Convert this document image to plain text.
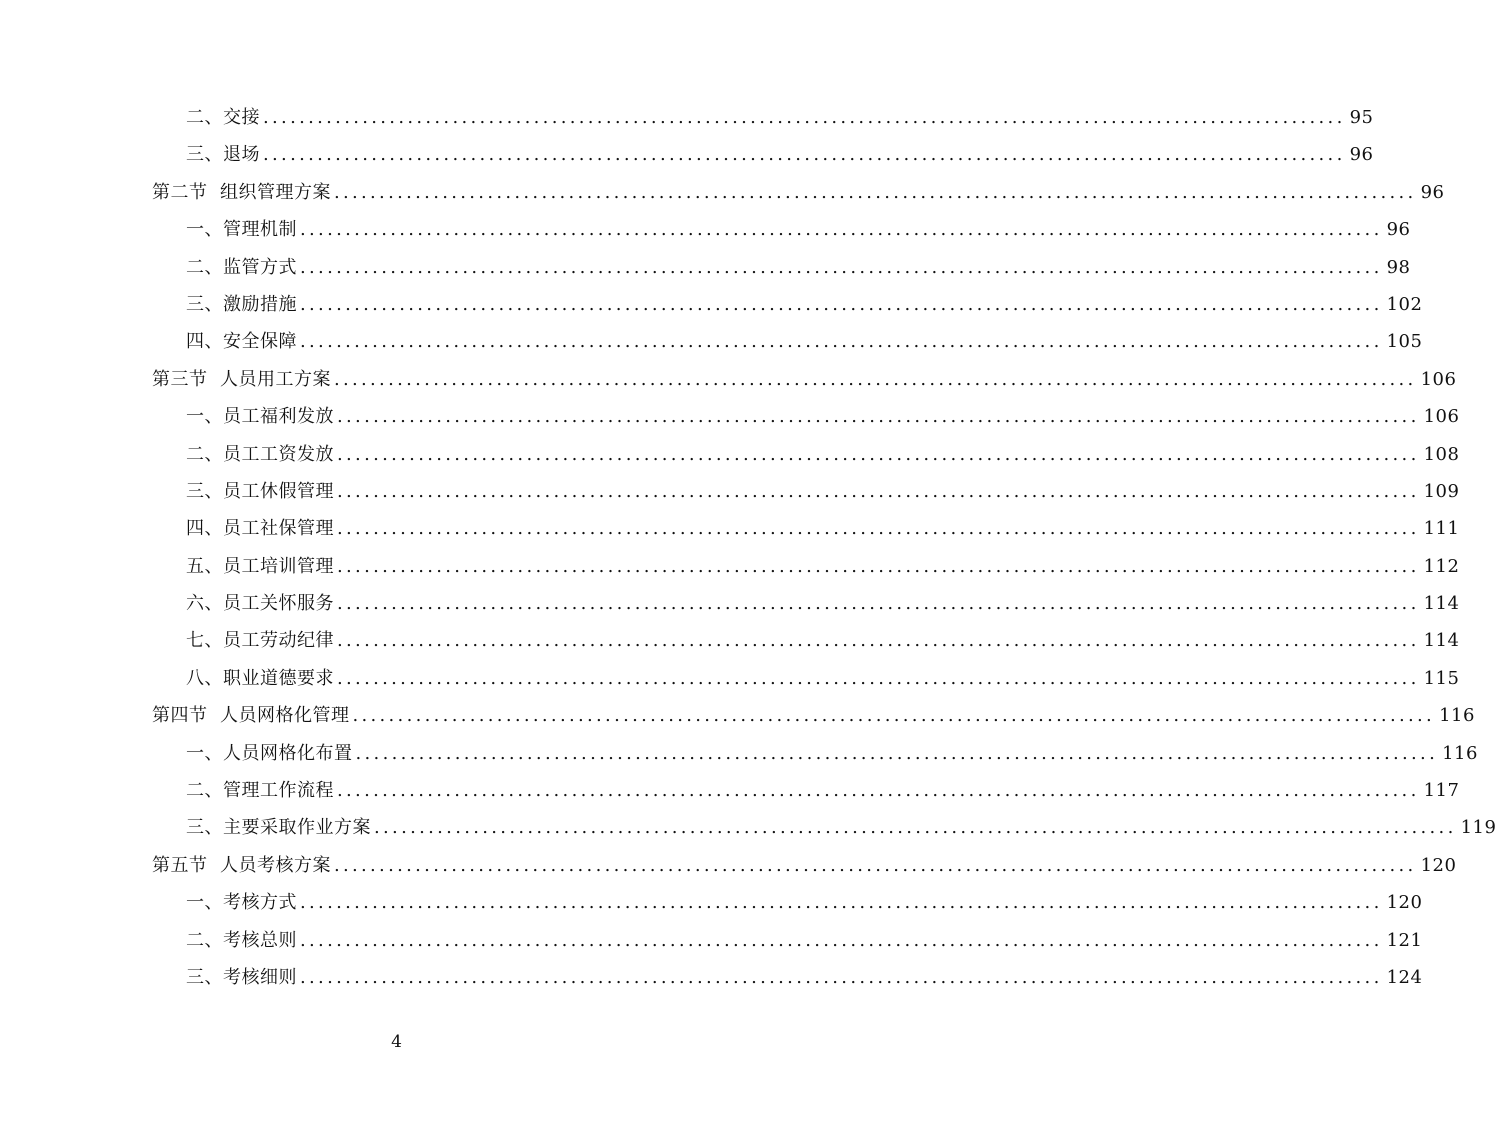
二、交接 ........................................................................................................................ 95
三、退场 ........................................................................................................................ 96
第二节  组织管理方案 ........................................................................................................................ 96
一、管理机制 ........................................................................................................................ 96
二、监管方式 ........................................................................................................................ 98
三、激励措施 ........................................................................................................................ 102
四、安全保障 ........................................................................................................................ 105
第三节  人员用工方案 ........................................................................................................................ 106
一、员工福利发放 ........................................................................................................................ 106
二、员工工资发放 ........................................................................................................................ 108
三、员工休假管理 ........................................................................................................................ 109
四、员工社保管理 ........................................................................................................................ 111
五、员工培训管理 ........................................................................................................................ 112
六、员工关怀服务 ........................................................................................................................ 114
七、员工劳动纪律 ........................................................................................................................ 114
八、职业道德要求 ........................................................................................................................ 115
第四节  人员网格化管理 ........................................................................................................................ 116
一、人员网格化布置 ........................................................................................................................ 116
二、管理工作流程 ........................................................................................................................ 117
三、主要采取作业方案 ........................................................................................................................ 119
第五节  人员考核方案 ........................................................................................................................ 120
一、考核方式 ........................................................................................................................ 120
二、考核总则 ........................................................................................................................ 121
三、考核细则 ........................................................................................................................ 124
4
